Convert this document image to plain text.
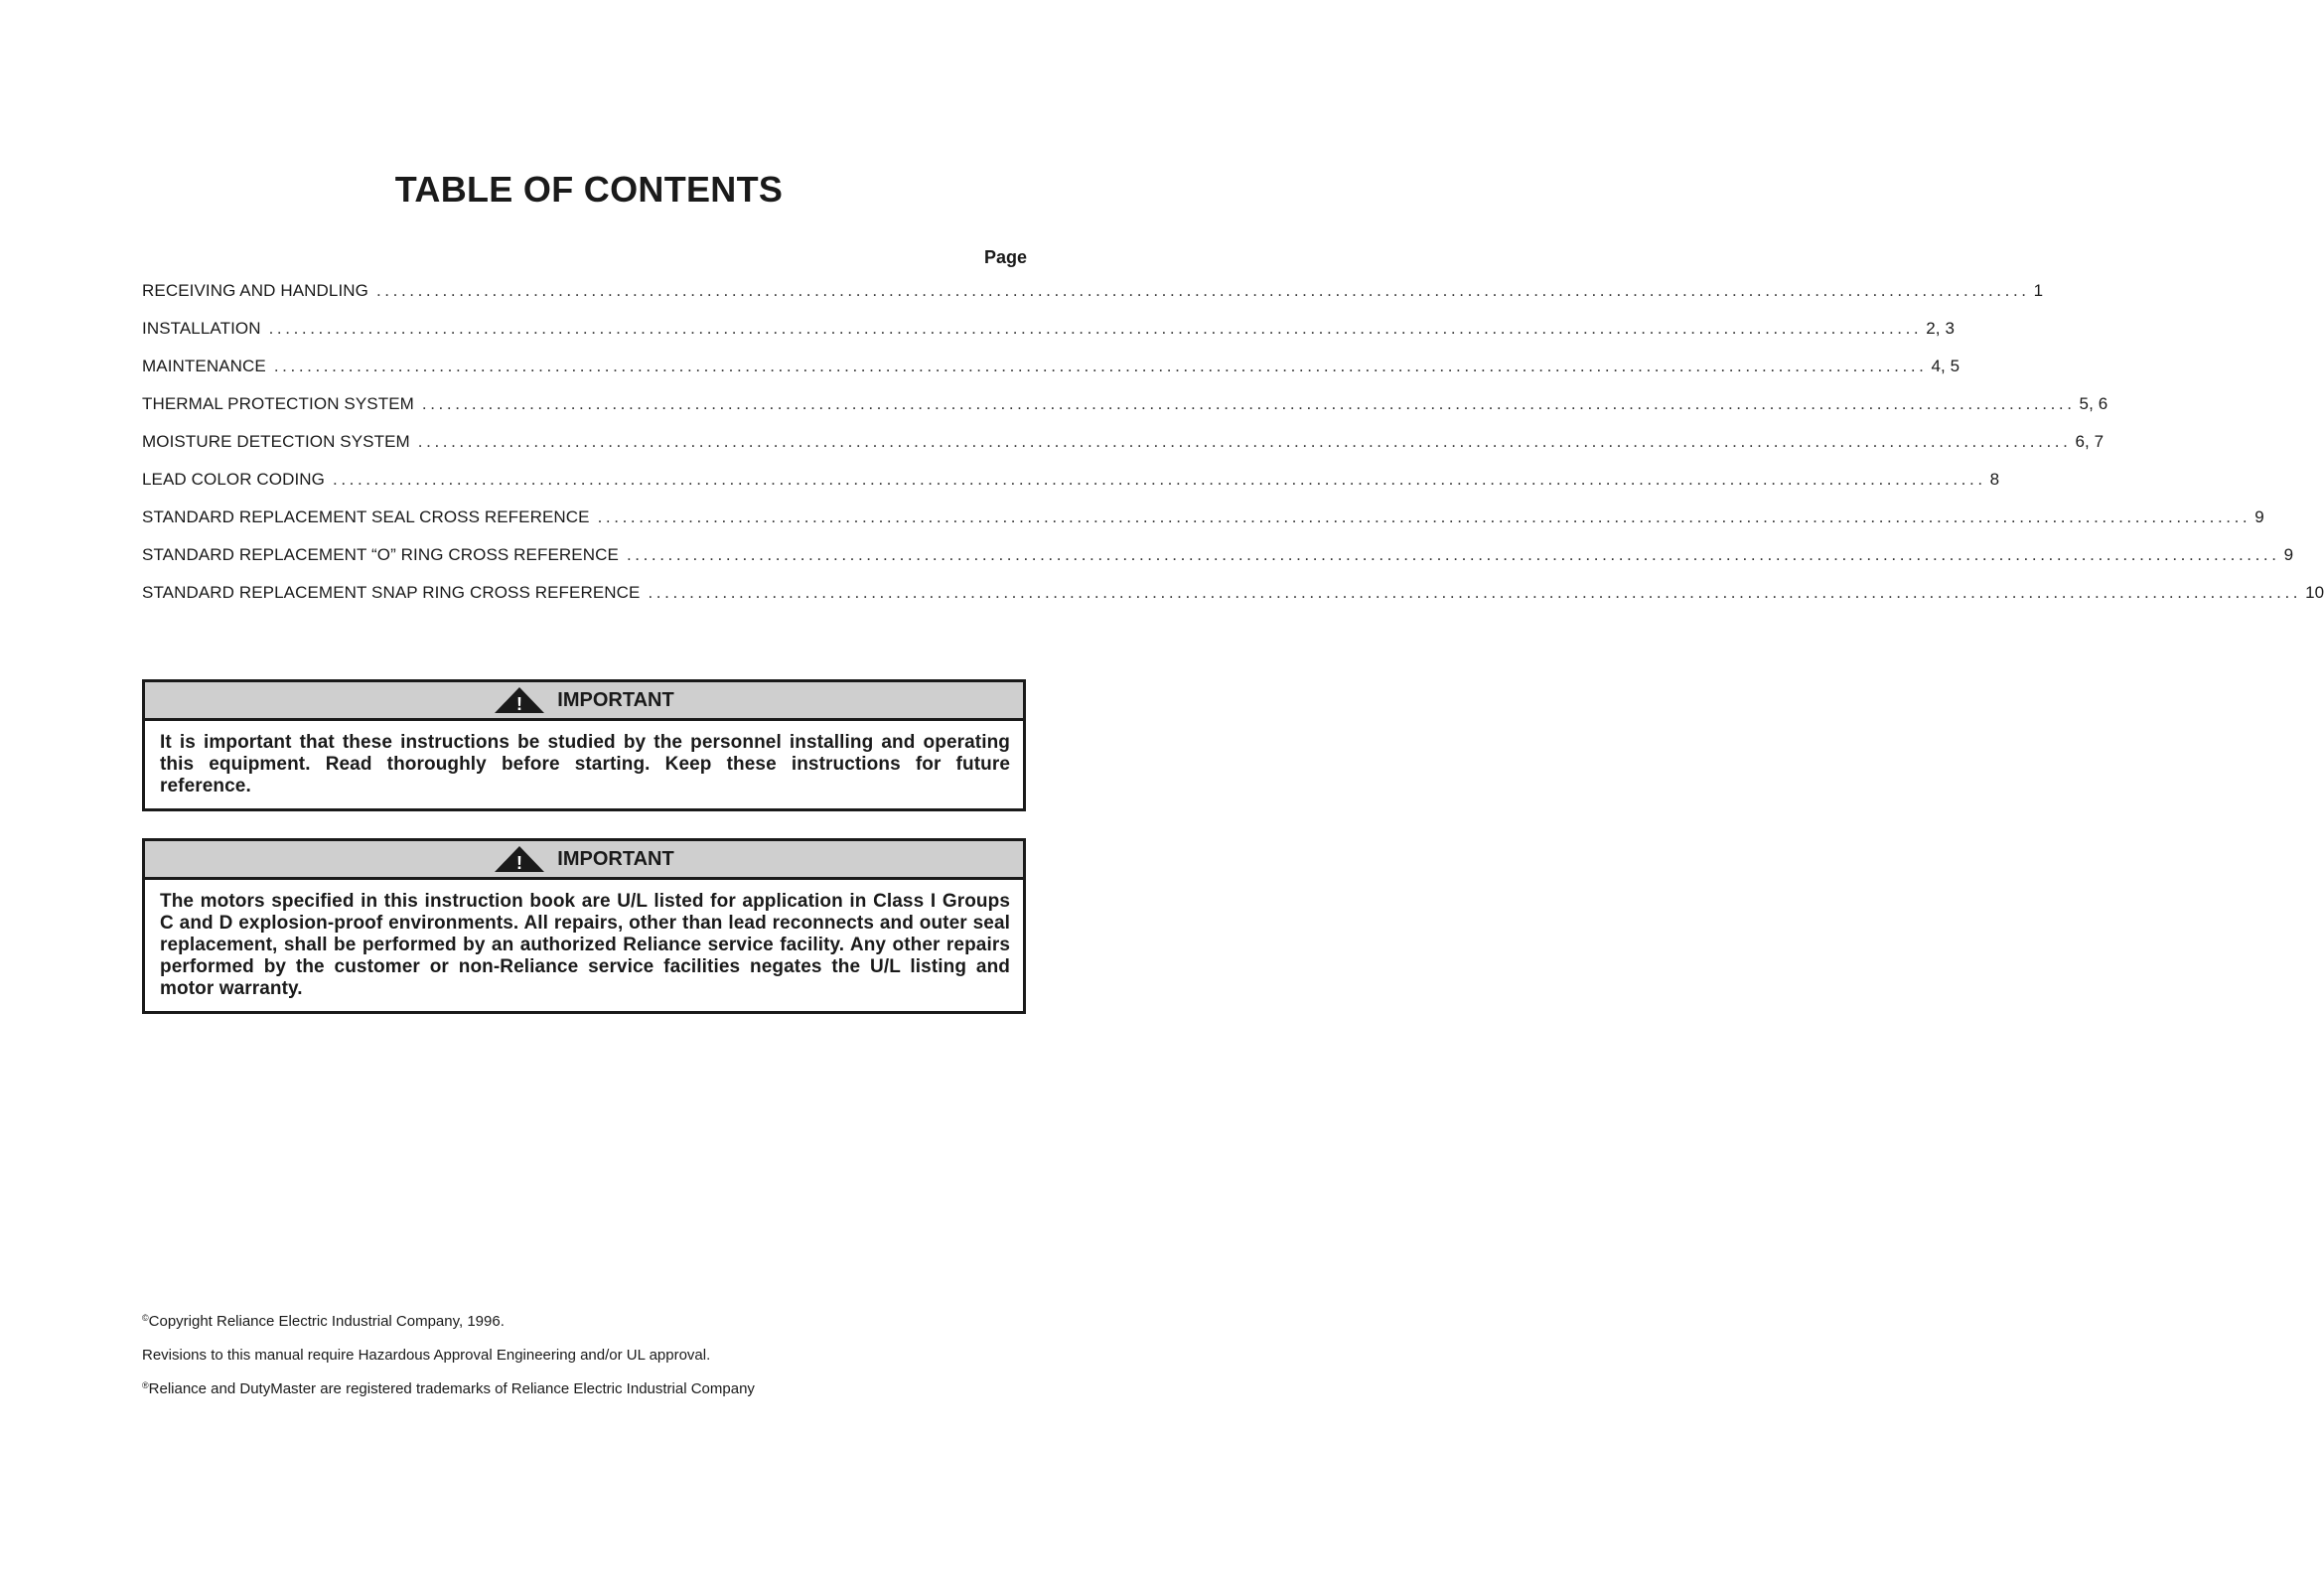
TABLE OF CONTENTS
Page
RECEIVING AND HANDLING ........................................................................................................................................................................................................ 1
INSTALLATION ........................................................................................................................................................................................................ 2, 3
MAINTENANCE ........................................................................................................................................................................................................ 4, 5
THERMAL PROTECTION SYSTEM ........................................................................................................................................................................................................ 5, 6
MOISTURE DETECTION SYSTEM ........................................................................................................................................................................................................ 6, 7
LEAD COLOR CODING ........................................................................................................................................................................................................ 8
STANDARD REPLACEMENT SEAL CROSS REFERENCE ........................................................................................................................................................................................................ 9
STANDARD REPLACEMENT “O” RING CROSS REFERENCE ........................................................................................................................................................................................................ 9
STANDARD REPLACEMENT SNAP RING CROSS REFERENCE ........................................................................................................................................................................................................ 10
! IMPORTANT
It is important that these instructions be studied by the personnel installing and operating this equipment. Read thoroughly before starting. Keep these instructions for future reference.
! IMPORTANT
The motors specified in this instruction book are U/L listed for application in Class I Groups C and D explosion-proof environments. All repairs, other than lead reconnects and outer seal replacement, shall be performed by an authorized Reliance service facility. Any other repairs performed by the customer or non-Reliance service facilities negates the U/L listing and motor warranty.
©Copyright Reliance Electric Industrial Company, 1996.
Revisions to this manual require Hazardous Approval Engineering and/or UL approval.
®Reliance and DutyMaster are registered trademarks of Reliance Electric Industrial Company
